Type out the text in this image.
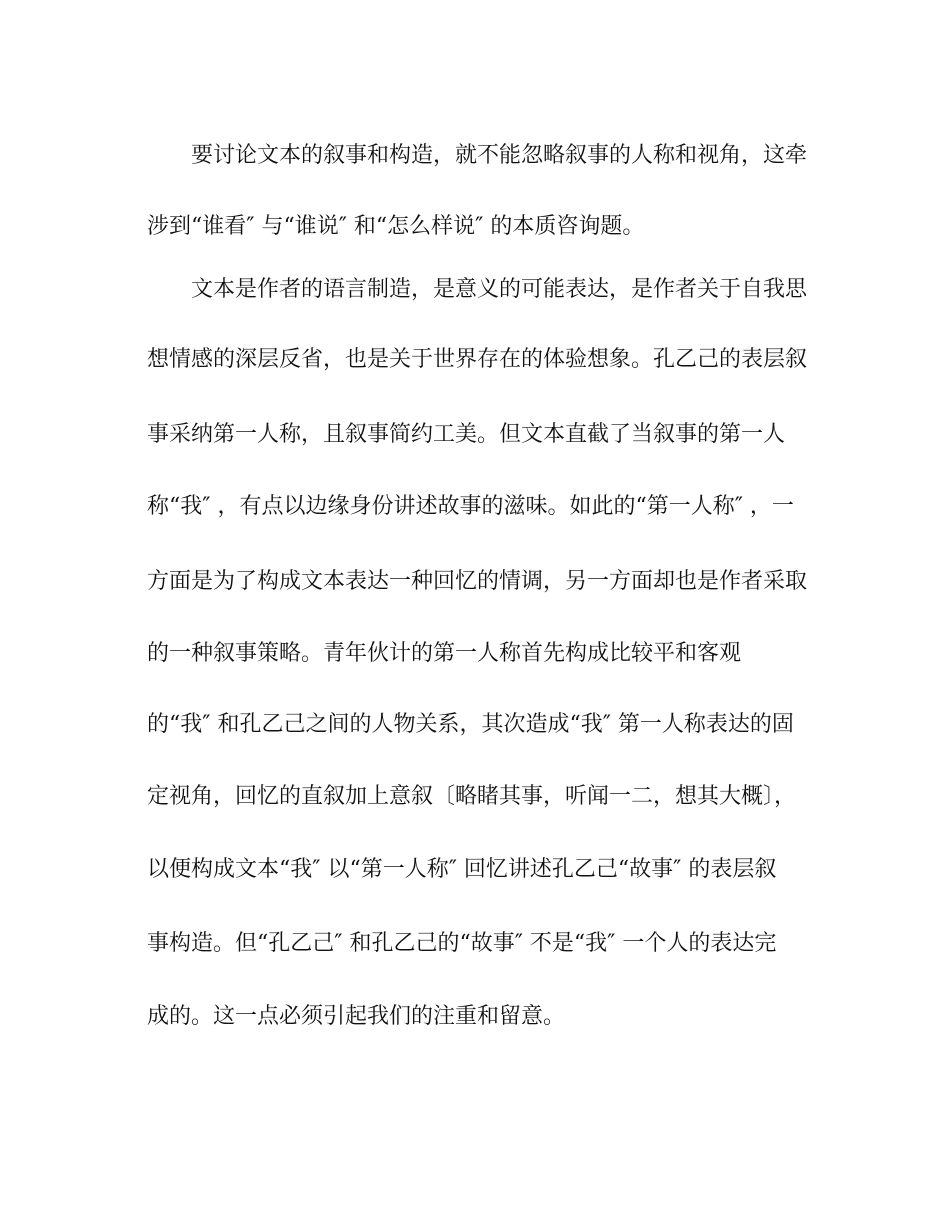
要讨论文本的叙事和构造，就不能忽略叙事的人称和视角，这牵
涉到“谁看″ 与“谁说″ 和“怎么样说″ 的本质咨询题。
文本是作者的语言制造，是意义的可能表达，是作者关于自我思
想情感的深层反省，也是关于世界存在的体验想象。孔乙己的表层叙
事采纳第一人称，且叙事简约工美。但文本直截了当叙事的第一人
称“我″ ，有点以边缘身份讲述故事的滋味。如此的“第一人称″ ，一
方面是为了构成文本表达一种回忆的情调，另一方面却也是作者采取
的一种叙事策略。青年伙计的第一人称首先构成比较平和客观
的“我″ 和孔乙己之间的人物关系，其次造成“我″ 第一人称表达的固
定视角，回忆的直叙加上意叙〔略睹其事，听闻一二，想其大概〕，
以便构成文本“我″ 以“第一人称″ 回忆讲述孔乙己“故事″ 的表层叙
事构造。但“孔乙己″ 和孔乙己的“故事″ 不是“我″ 一个人的表达完
成的。这一点必须引起我们的注重和留意。
